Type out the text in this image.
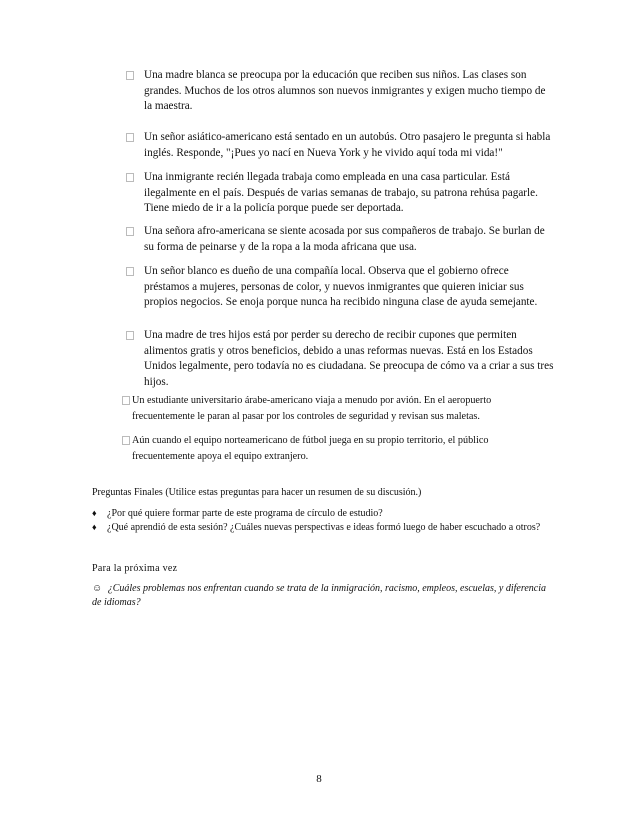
Una madre blanca se preocupa por la educación que reciben sus niños. Las clases son grandes. Muchos de los otros alumnos son nuevos inmigrantes y exigen mucho tiempo de la maestra.
Un señor asiático-americano está sentado en un autobús. Otro pasajero le pregunta si habla inglés. Responde, "¡Pues yo nací en Nueva York y he vivido aquí toda mi vida!"
Una inmigrante recién llegada trabaja como empleada en una casa particular. Está ilegalmente en el país. Después de varias semanas de trabajo, su patrona rehúsa pagarle. Tiene miedo de ir a la policía porque puede ser deportada.
Una señora afro-americana se siente acosada por sus compañeros de trabajo. Se burlan de su forma de peinarse y de la ropa a la moda africana que usa.
Un señor blanco es dueño de una compañía local. Observa que el gobierno ofrece préstamos a mujeres, personas de color, y nuevos inmigrantes que quieren iniciar sus propios negocios. Se enoja porque nunca ha recibido ninguna clase de ayuda semejante.
Una madre de tres hijos está por perder su derecho de recibir cupones que permiten alimentos gratis y otros beneficios, debido a unas reformas nuevas. Está en los Estados Unidos legalmente, pero todavía no es ciudadana. Se preocupa de cómo va a criar a sus tres hijos.
Un estudiante universitario árabe-americano viaja a menudo por avión. En el aeropuerto frecuentemente le paran al pasar por los controles de seguridad y revisan sus maletas.
Aún cuando el equipo norteamericano de fútbol juega en su propio territorio, el público frecuentemente apoya el equipo extranjero.
Preguntas Finales (Utilice estas preguntas para hacer un resumen de su discusión.)
♦ ¿Por qué quiere formar parte de este programa de círculo de estudio?
♦ ¿Qué aprendió de esta sesión? ¿Cuáles nuevas perspectivas e ideas formó luego de haber escuchado a otros?
Para la próxima vez
☺ ¿Cuáles problemas nos enfrentan cuando se trata de la inmigración, racismo, empleos, escuelas, y diferencia de idiomas?
8
